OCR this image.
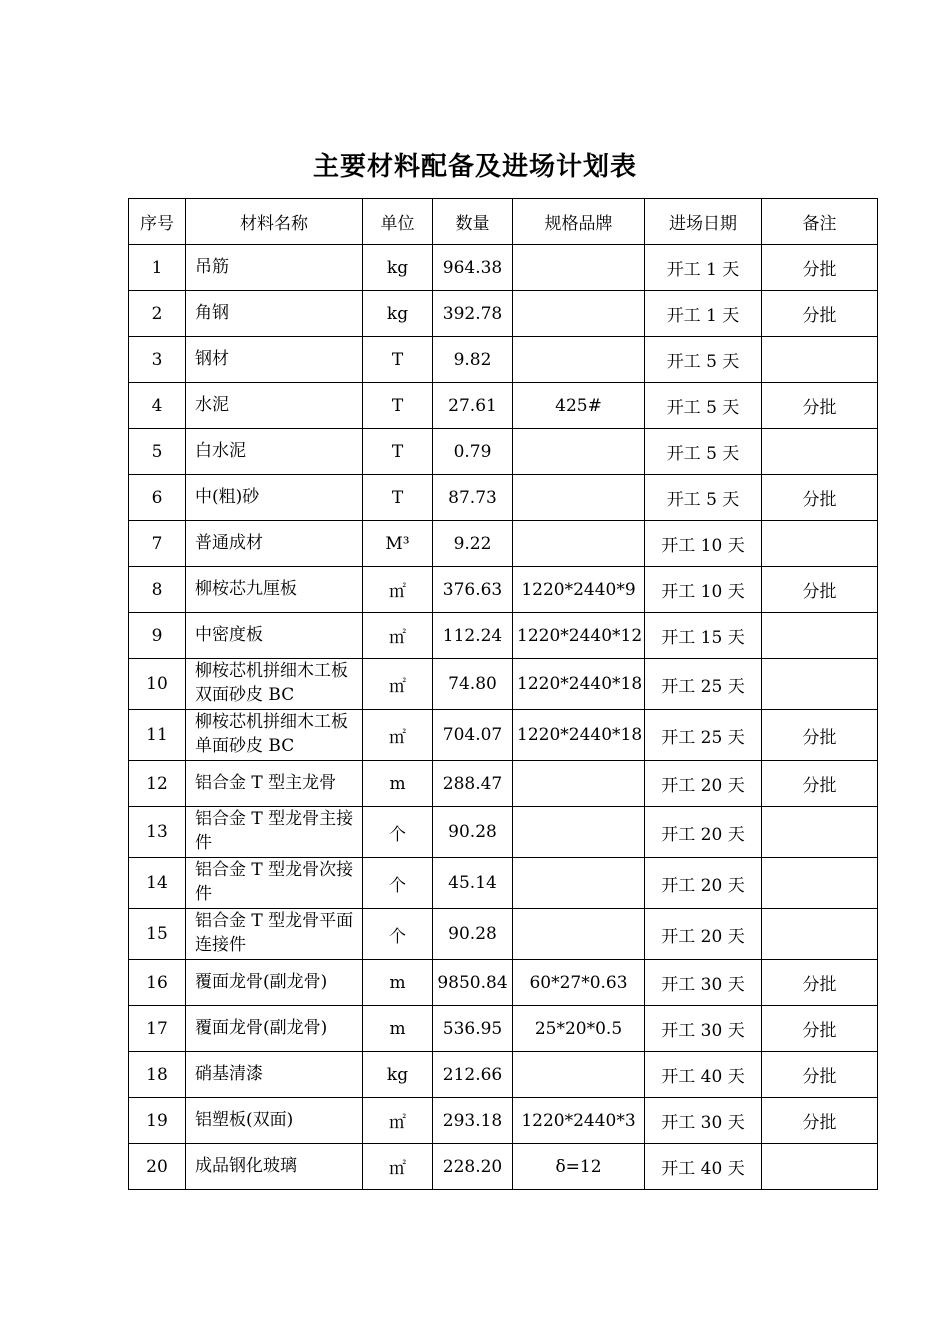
主要材料配备及进场计划表
序号	材料名称	单位	数量	规格品牌	进场日期	备注
1	吊筋	kg	964.38		开工 1 天	分批
2	角钢	kg	392.78		开工 1 天	分批
3	钢材	T	9.82		开工 5 天	
4	水泥	T	27.61	425#	开工 5 天	分批
5	白水泥	T	0.79		开工 5 天	
6	中(粗)砂	T	87.73		开工 5 天	分批
7	普通成材	M³	9.22		开工 10 天	
8	柳桉芯九厘板	㎡	376.63	1220*2440*9	开工 10 天	分批
9	中密度板	㎡	112.24	1220*2440*12	开工 15 天	
10	柳桉芯机拼细木工板双面砂皮 BC	㎡	74.80	1220*2440*18	开工 25 天	
11	柳桉芯机拼细木工板单面砂皮 BC	㎡	704.07	1220*2440*18	开工 25 天	分批
12	铝合金 T 型主龙骨	m	288.47		开工 20 天	分批
13	铝合金 T 型龙骨主接件	个	90.28		开工 20 天	
14	铝合金 T 型龙骨次接件	个	45.14		开工 20 天	
15	铝合金 T 型龙骨平面连接件	个	90.28		开工 20 天	
16	覆面龙骨(副龙骨)	m	9850.84	60*27*0.63	开工 30 天	分批
17	覆面龙骨(副龙骨)	m	536.95	25*20*0.5	开工 30 天	分批
18	硝基清漆	kg	212.66		开工 40 天	分批
19	铝塑板(双面)	㎡	293.18	1220*2440*3	开工 30 天	分批
20	成品钢化玻璃	㎡	228.20	δ=12	开工 40 天	
